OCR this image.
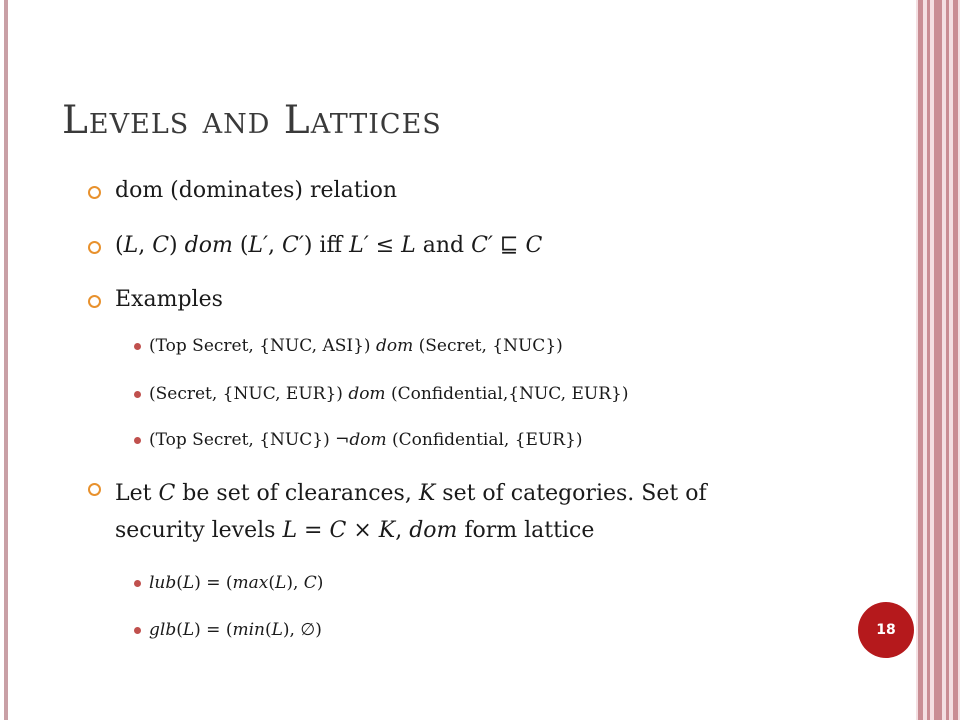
Levels and Lattices
dom (dominates) relation
(L, C) dom (L′, C′) iff L′ ≤ L and C′ ⊑ C
Examples
(Top Secret, {NUC, ASI}) dom (Secret, {NUC})
(Secret, {NUC, EUR}) dom (Confidential,{NUC, EUR})
(Top Secret, {NUC}) ¬dom (Confidential, {EUR})
Let C be set of clearances, K set of categories. Set of
security levels L = C × K, dom form lattice
lub(L) = (max(L), C)
glb(L) = (min(L), ∅)	18
